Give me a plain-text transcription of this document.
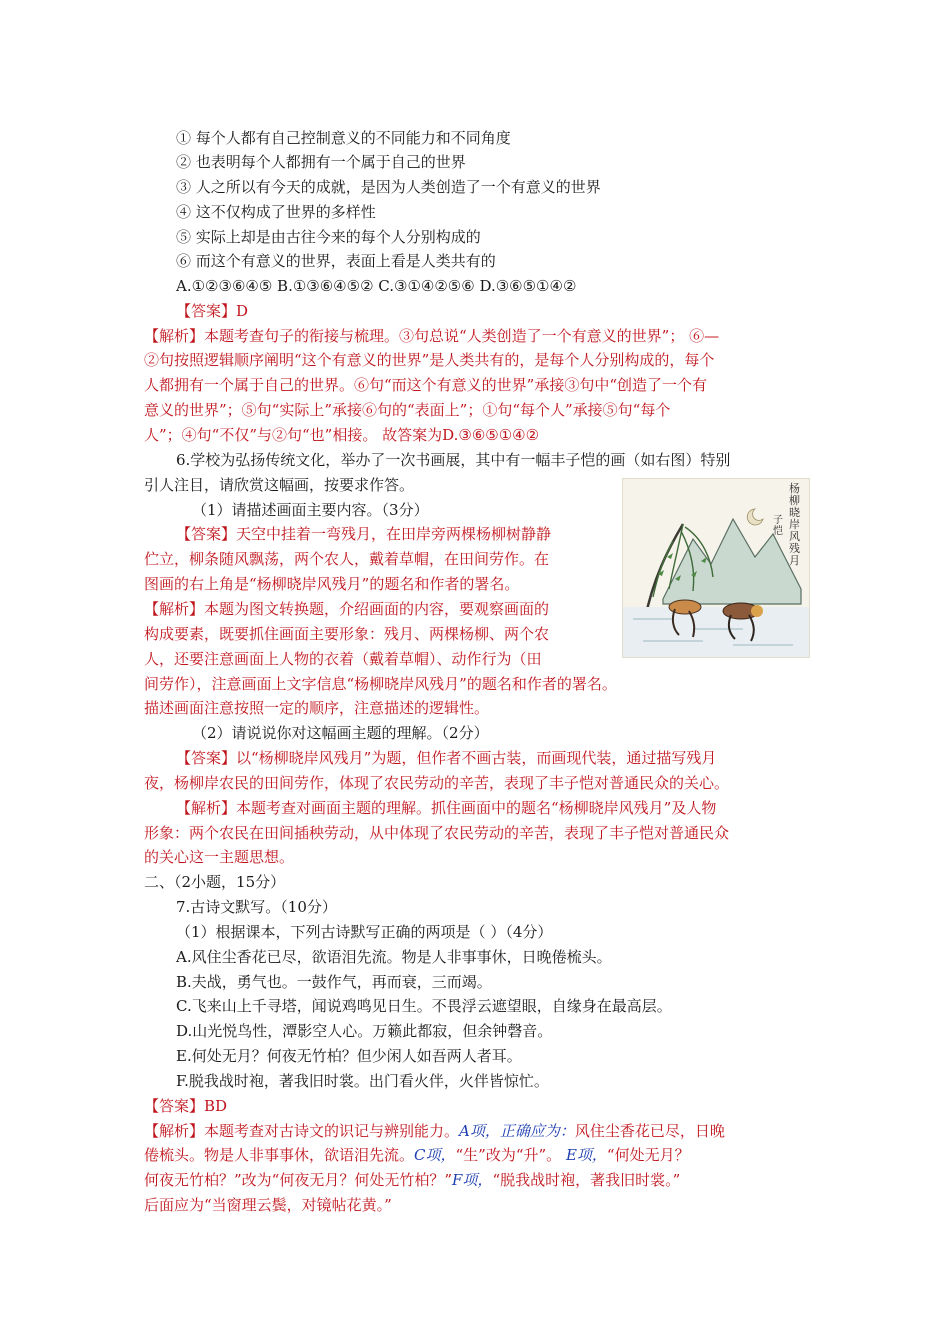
① 每个人都有自己控制意义的不同能力和不同角度
② 也表明每个人都拥有一个属于自己的世界
③ 人之所以有今天的成就，是因为人类创造了一个有意义的世界
④ 这不仅构成了世界的多样性
⑤ 实际上却是由古往今来的每个人分别构成的
⑥ 而这个有意义的世界，表面上看是人类共有的
A.①②③⑥④⑤ B.①③⑥④⑤② C.③①④②⑤⑥ D.③⑥⑤①④②
【答案】D
【解析】本题考查句子的衔接与梳理。③句总说“人类创造了一个有意义的世界”； ⑥—
②句按照逻辑顺序阐明“这个有意义的世界”是人类共有的，是每个人分别构成的，每个
人都拥有一个属于自己的世界。⑥句“而这个有意义的世界”承接③句中“创造了一个有
意义的世界”；⑤句“实际上”承接⑥句的“表面上”；①句“每个人”承接⑤句“每个
人”；④句“不仅”与②句“也”相接。 故答案为D.③⑥⑤①④②
6.学校为弘扬传统文化，举办了一次书画展，其中有一幅丰子恺的画（如右图）特别
引人注目，请欣赏这幅画，按要求作答。
（1）请描述画面主要内容。（3分）
【答案】天空中挂着一弯残月，在田岸旁两棵杨柳树静静
伫立，柳条随风飘荡，两个农人，戴着草帽，在田间劳作。在
图画的右上角是“杨柳晓岸风残月”的题名和作者的署名。
【解析】本题为图文转换题，介绍画面的内容，要观察画面的
构成要素，既要抓住画面主要形象：残月、两棵杨柳、两个农
人，还要注意画面上人物的衣着（戴着草帽）、动作行为（田
间劳作），注意画面上文字信息“杨柳晓岸风残月”的题名和作者的署名。
描述画面注意按照一定的顺序，注意描述的逻辑性。
杨柳晓岸风残月
子恺
（2）请说说你对这幅画主题的理解。（2分）
【答案】以“杨柳晓岸风残月”为题，但作者不画古装，而画现代装，通过描写残月
夜，杨柳岸农民的田间劳作，体现了农民劳动的辛苦，表现了丰子恺对普通民众的关心。
【解析】本题考查对画面主题的理解。抓住画面中的题名“杨柳晓岸风残月”及人物
形象：两个农民在田间插秧劳动，从中体现了农民劳动的辛苦，表现了丰子恺对普通民众
的关心这一主题思想。
二、（2小题，15分）
7.古诗文默写。（10分）
（1）根据课本，下列古诗默写正确的两项是（ ）（4分）
A.风住尘香花已尽，欲语泪先流。物是人非事事休，日晚倦梳头。
B.夫战，勇气也。一鼓作气，再而衰，三而竭。
C.飞来山上千寻塔，闻说鸡鸣见日生。不畏浮云遮望眼，自缘身在最高层。
D.山光悦鸟性，潭影空人心。万籁此都寂，但余钟磬音。
E.何处无月？何夜无竹柏？但少闲人如吾两人者耳。
F.脱我战时袍，著我旧时裳。出门看火伴，火伴皆惊忙。
【答案】BD
【解析】本题考查对古诗文的识记与辨别能力。A项，正确应为：风住尘香花已尽，日晚
倦梳头。物是人非事事休，欲语泪先流。C项，“生”改为“升”。 E项，“何处无月？
何夜无竹柏？”改为“何夜无月？何处无竹柏？”F项，“脱我战时袍，著我旧时裳。”
后面应为“当窗理云鬓，对镜帖花黄。”
